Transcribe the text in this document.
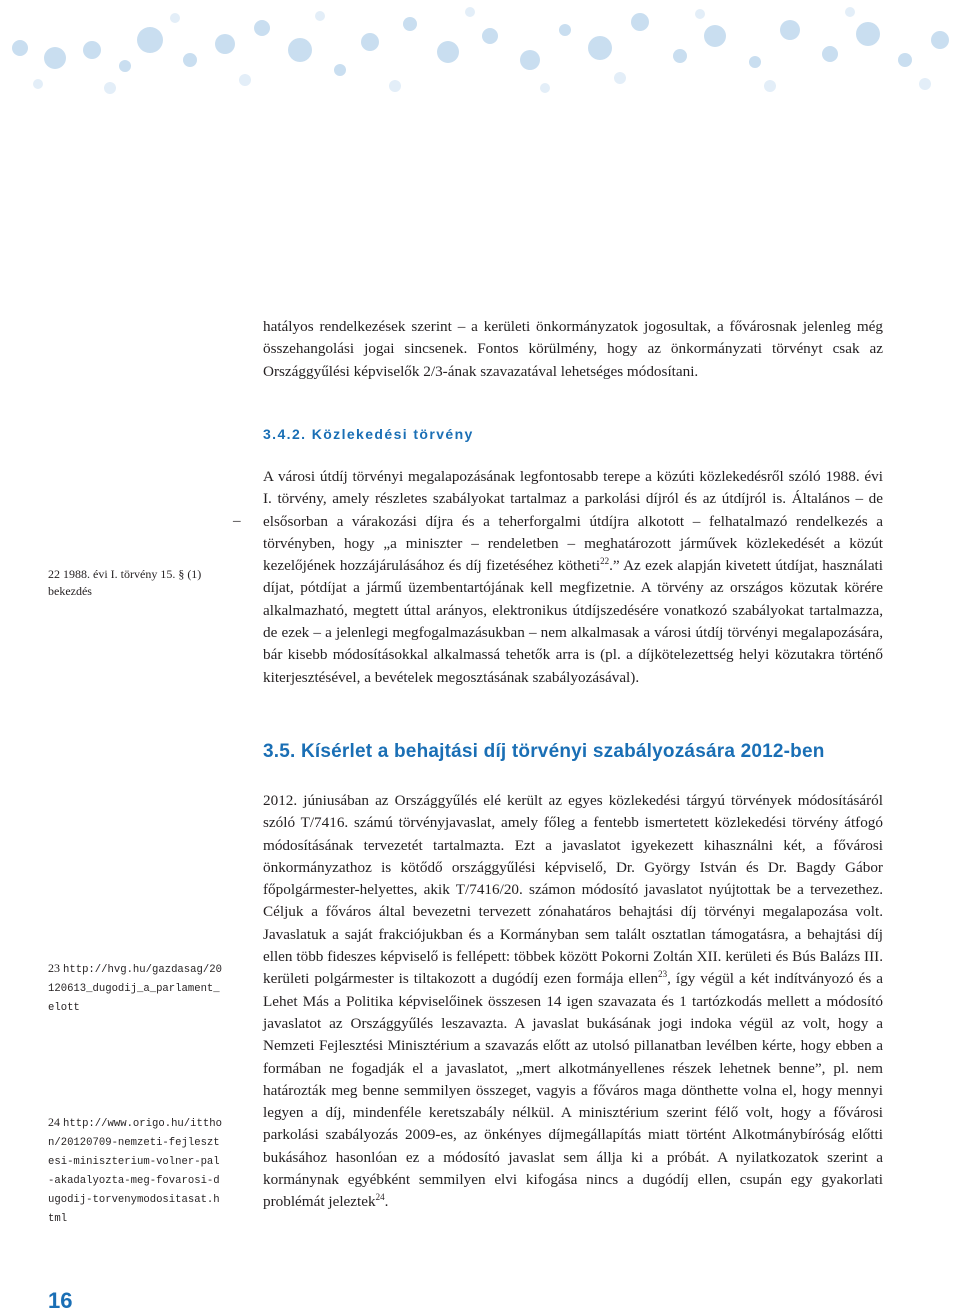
hatályos rendelkezések szerint – a kerületi önkormányzatok jogosultak, a fővárosnak jelenleg még összehangolási jogai sincsenek. Fontos körülmény, hogy az önkormányzati törvényt csak az Országgyűlési képviselők 2/3-ának szavazatával lehetséges módosítani.

3.4.2. Közlekedési törvény

–
A városi útdíj törvényi megalapozásának legfontosabb terepe a közúti közlekedésről szóló 1988. évi I. törvény, amely részletes szabályokat tartalmaz a parkolási díjról és az útdíjról is. Általános – de elsősorban a várakozási díjra és a teherforgalmi útdíjra alkotott – felhatalmazó rendelkezés a törvényben, hogy „a miniszter – rendeletben – meghatározott járművek közlekedését a közút kezelőjének hozzájárulásához és díj fizetéséhez kötheti$^{22}$.” Az ezek alapján kivetett útdíjat, használati díjat, pótdíjat a jármű üzembentartójának kell megfizetnie. A törvény az országos közutak körére alkalmazható, megtett úttal arányos, elektronikus útdíjszedésére vonatkozó szabályokat tartalmazza, de ezek – a jelenlegi megfogalmazásukban – nem alkalmasak a városi útdíj törvényi megalapozására, bár kisebb módosításokkal alkalmassá tehetők arra is (pl. a díjkötelezettség helyi közutakra történő kiterjesztésével, a bevételek megosztásának szabályozásával).

22 1988. évi I. törvény 15. § (1) bekezdés

3.5. Kísérlet a behajtási díj törvényi szabályozására 2012-ben

2012. júniusában az Országgyűlés elé került az egyes közlekedési tárgyú törvények módosításáról szóló T/7416. számú törvényjavaslat, amely főleg a fentebb ismertetett közlekedési törvény átfogó módosításának tervezetét tartalmazta. Ezt a javaslatot igyekezett kihasználni két, a fővárosi önkormányzathoz is kötődő országgyűlési képviselő, Dr. György István és Dr. Bagdy Gábor főpolgármester-helyettes, akik T/7416/20. számon módosító javaslatot nyújtottak be a tervezethez. Céljuk a főváros által bevezetni tervezett zónahatáros behajtási díj törvényi megalapozása volt. Javaslatuk a saját frakciójukban és a Kormányban sem talált osztatlan támogatásra, a behajtási díj ellen több fideszes képviselő is fellépett: többek között Pokorni Zoltán XII. kerületi és Bús Balázs III. kerületi polgármester is tiltakozott a dugódíj ezen formája ellen$^{23}$, így végül a két indítványozó és a Lehet Más a Politika képviselőinek összesen 14 igen szavazata és 1 tartózkodás mellett a módosító javaslatot az Országgyűlés leszavazta. A javaslat bukásának jogi indoka végül az volt, hogy a Nemzeti Fejlesztési Minisztérium a szavazás előtt az utolsó pillanatban levélben kérte, hogy ebben a formában ne fogadják el a javaslatot, „mert alkotmányellenes részek lehetnek benne”, pl. nem határozták meg benne semmilyen összeget, vagyis a főváros maga dönthette volna el, hogy mennyi legyen a díj, mindenféle keretszabály nélkül. A minisztérium szerint félő volt, hogy a fővárosi parkolási szabályozás 2009-es, az önkényes díjmegállapítás miatt történt Alkotmánybíróság előtti bukásához hasonlóan ez a módosító javaslat sem állja ki a próbát. A nyilatkozatok szerint a kormánynak egyébként semmilyen elvi kifogása nincs a dugódíj ellen, csupán egy gyakorlati problémát jeleztek$^{24}$.

23 http://hvg.hu/gazdasag/20120613_dugodij_a_parlament_elott

24 http://www.origo.hu/itthon/20120709-nemzeti-fejlesztesi-miniszterium-volner-pal-akadalyozta-meg-fovarosi-dugodij-torvenymodositasat.html

16
